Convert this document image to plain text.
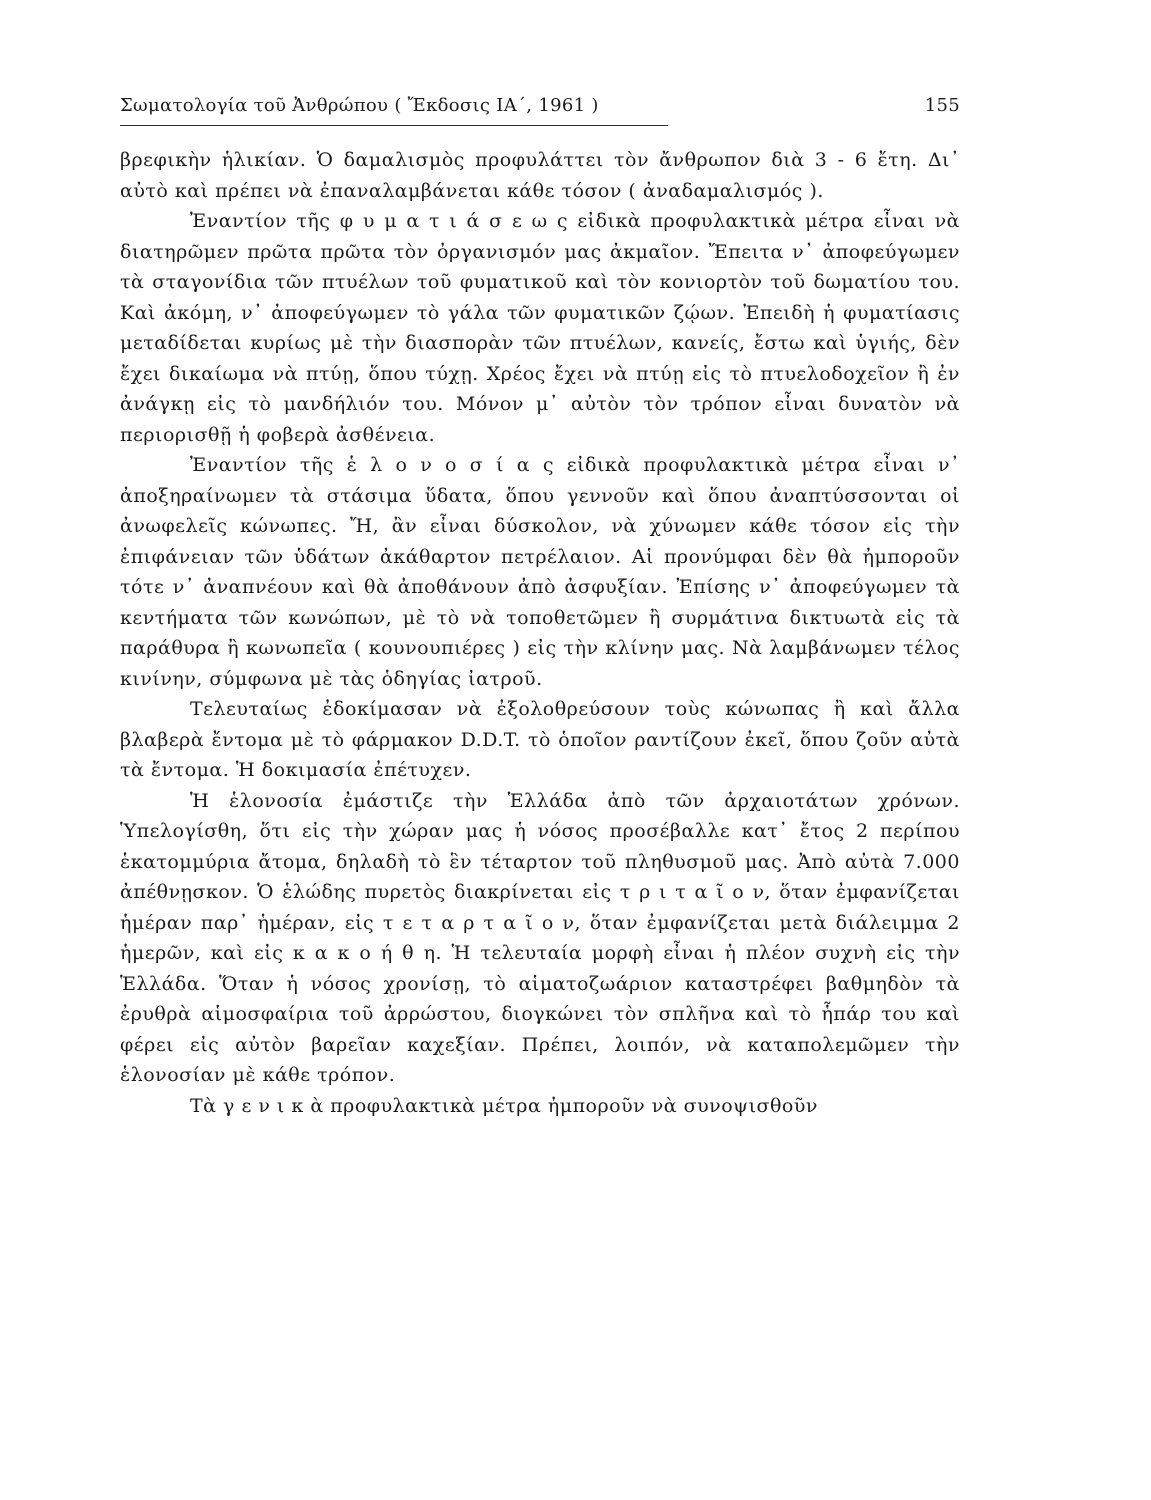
Σωματολογία τοῦ Ἀνθρώπου ( Ἔκδοσις ΙΑ΄, 1961 )	155

βρεφικὴν ἡλικίαν. Ὁ δαμαλισμὸς προφυλάττει τὸν ἄνθρωπον διὰ 3 - 6 ἔτη. Δι᾽ αὐτὸ καὶ πρέπει νὰ ἐπαναλαμβάνεται κάθε τόσον ( ἀναδαμαλισμός ).

Ἐναντίον τῆς φ υ μ α τ ι ά σ ε ω ς εἰδικὰ προφυλακτικὰ μέτρα εἶναι νὰ διατηρῶμεν πρῶτα πρῶτα τὸν ὀργανισμόν μας ἀκμαῖον. Ἔπειτα ν᾽ ἀποφεύγωμεν τὰ σταγονίδια τῶν πτυέλων τοῦ φυματικοῦ καὶ τὸν κονιορτὸν τοῦ δωματίου του. Καὶ ἀκόμη, ν᾽ ἀποφεύγωμεν τὸ γάλα τῶν φυματικῶν ζῴων. Ἐπειδὴ ἡ φυματίασις μεταδίδεται κυρίως μὲ τὴν διασπορὰν τῶν πτυέλων, κανείς, ἔστω καὶ ὑγιής, δὲν ἔχει δικαίωμα νὰ πτύῃ, ὅπου τύχῃ. Χρέος ἔχει νὰ πτύῃ εἰς τὸ πτυελοδοχεῖον ἢ ἐν ἀνάγκῃ εἰς τὸ μανδήλιόν του. Μόνον μ᾽ αὐτὸν τὸν τρόπον εἶναι δυνατὸν νὰ περιορισθῇ ἡ φοβερὰ ἀσθένεια.

Ἐναντίον τῆς ἑ λ ο ν ο σ ί α ς εἰδικὰ προφυλακτικὰ μέτρα εἶναι ν᾽ ἀποξηραίνωμεν τὰ στάσιμα ὕδατα, ὅπου γεννοῦν καὶ ὅπου ἀναπτύσσονται οἱ ἀνωφελεῖς κώνωπες. Ἤ, ἂν εἶναι δύσκολον, νὰ χύνωμεν κάθε τόσον εἰς τὴν ἐπιφάνειαν τῶν ὑδάτων ἀκάθαρτον πετρέλαιον. Αἱ προνύμφαι δὲν θὰ ἠμποροῦν τότε ν᾽ ἀναπνέουν καὶ θὰ ἀποθάνουν ἀπὸ ἀσφυξίαν. Ἐπίσης ν᾽ ἀποφεύγωμεν τὰ κεντήματα τῶν κωνώπων, μὲ τὸ νὰ τοποθετῶμεν ἢ συρμάτινα δικτυωτὰ εἰς τὰ παράθυρα ἢ κωνωπεῖα ( κουνουπιέρες ) εἰς τὴν κλίνην μας. Νὰ λαμβάνωμεν τέλος κινίνην, σύμφωνα μὲ τὰς ὁδηγίας ἰατροῦ.

Τελευταίως ἐδοκίμασαν νὰ ἐξολοθρεύσουν τοὺς κώνωπας ἢ καὶ ἄλλα βλαβερὰ ἔντομα μὲ τὸ φάρμακον D.D.T. τὸ ὁποῖον ραντίζουν ἐκεῖ, ὅπου ζοῦν αὐτὰ τὰ ἔντομα. Ἡ δοκιμασία ἐπέτυχεν.

Ἡ ἑλονοσία ἐμάστιζε τὴν Ἑλλάδα ἀπὸ τῶν ἀρχαιοτάτων χρόνων. Ὑπελογίσθη, ὅτι εἰς τὴν χώραν μας ἡ νόσος προσέβαλλε κατ᾽ ἔτος 2 περίπου ἑκατομμύρια ἄτομα, δηλαδὴ τὸ ἓν τέταρτον τοῦ πληθυσμοῦ μας. Ἀπὸ αὐτὰ 7.000 ἀπέθνῃσκον. Ὁ ἑλώδης πυρετὸς διακρίνεται εἰς τ ρ ι τ α ῖ ο ν, ὅταν ἐμφανίζεται ἡμέραν παρ᾽ ἡμέραν, εἰς τ ε τ α ρ τ α ῖ ο ν, ὅταν ἐμφανίζεται μετὰ διάλειμμα 2 ἡμερῶν, καὶ εἰς κ α κ ο ή θ η. Ἡ τελευταία μορφὴ εἶναι ἡ πλέον συχνὴ εἰς τὴν Ἑλλάδα. Ὅταν ἡ νόσος χρονίσῃ, τὸ αἱματοζωάριον καταστρέφει βαθμηδὸν τὰ ἐρυθρὰ αἱμοσφαίρια τοῦ ἀρρώστου, διογκώνει τὸν σπλῆνα καὶ τὸ ἧπάρ του καὶ φέρει εἰς αὐτὸν βαρεῖαν καχεξίαν. Πρέπει, λοιπόν, νὰ καταπολεμῶμεν τὴν ἑλονοσίαν μὲ κάθε τρόπον.

Τὰ γ ε ν ι κ ὰ προφυλακτικὰ μέτρα ἠμποροῦν νὰ συνοψισθοῦν
